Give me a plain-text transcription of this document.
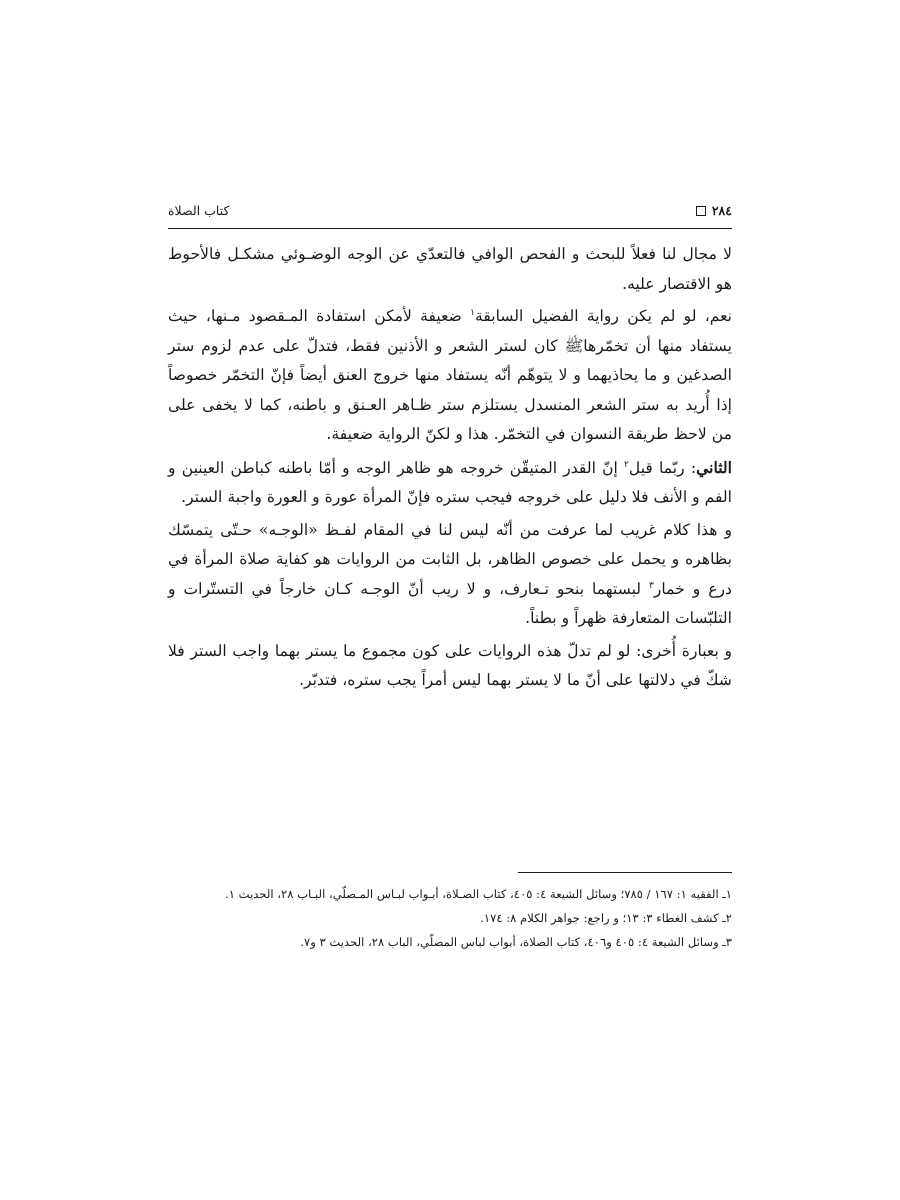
٢٨٤
كتاب الصلاة

لا مجال لنا فعلاً للبحث و الفحص الوافي فالتعدّي عن الوجه الوضـوئي مشكـل فالأحوط هو الاقتصار عليه.

نعم، لو لم يكن رواية الفضيل السابقة$^١$ ضعيفة لأمكن استفادة المـقصود مـنها، حيث يستفاد منها أن تخمّرهاﷺ كان لستر الشعر و الأذنين فقط، فتدلّ على عدم لزوم ستر الصدغين و ما يحاذيهما و لا يتوهّم أنّه يستفاد منها خروج العنق أيضاً فإنّ التخمّر خصوصاً إذا أُريد به ستر الشعر المنسدل يستلزم ستر ظـاهر العـنق و باطنه، كما لا يخفى على من لاحظ طريقة النسوان في التخمّر. هذا و لكنّ الرواية ضعيفة.

الثاني: ربّما قيل$^٢$ إنّ القدر المتيقّن خروجه هو ظاهر الوجه و أمّا باطنه كباطن العينين و الفم و الأنف فلا دليل على خروجه فيجب ستره فإنّ المرأة عورة و العورة واجبة الستر.

و هذا كلام غريب لما عرفت من أنّه ليس لنا في المقام لفـظ «الوجـه» حـتّى يتمسّك بظاهره و يحمل على خصوص الظاهر، بل الثابت من الروايات هو كفاية صلاة المرأة في درع و خمار$^٣$ لبستهما بنحو تـعارف، و لا ريب أنّ الوجـه كـان خارجاً في التستّرات و التلبّسات المتعارفة ظهراً و بطناً.

و بعبارة أُخرى: لو لم تدلّ هذه الروايات على كون مجموع ما يستر بهما واجب الستر فلا شكّ في دلالتها على أنّ ما لا يستر بهما ليس أمراً يجب ستره، فتدبّر.

١ـ الفقيه ١: ١٦٧ / ٧٨٥؛ وسائل الشيعة ٤: ٤٠٥، كتاب الصـلاة، أبـواب لبـاس المـصلّي، البـاب ٢٨، الحديث ١.

٢ـ كشف الغطاء ٣: ١٣؛ و راجع: جواهر الكلام ٨: ١٧٤.

٣ـ وسائل الشيعة ٤: ٤٠٥ و٤٠٦، كتاب الصلاة، أبواب لباس المصلّي، الباب ٢٨، الحديث ٣ و٧.
